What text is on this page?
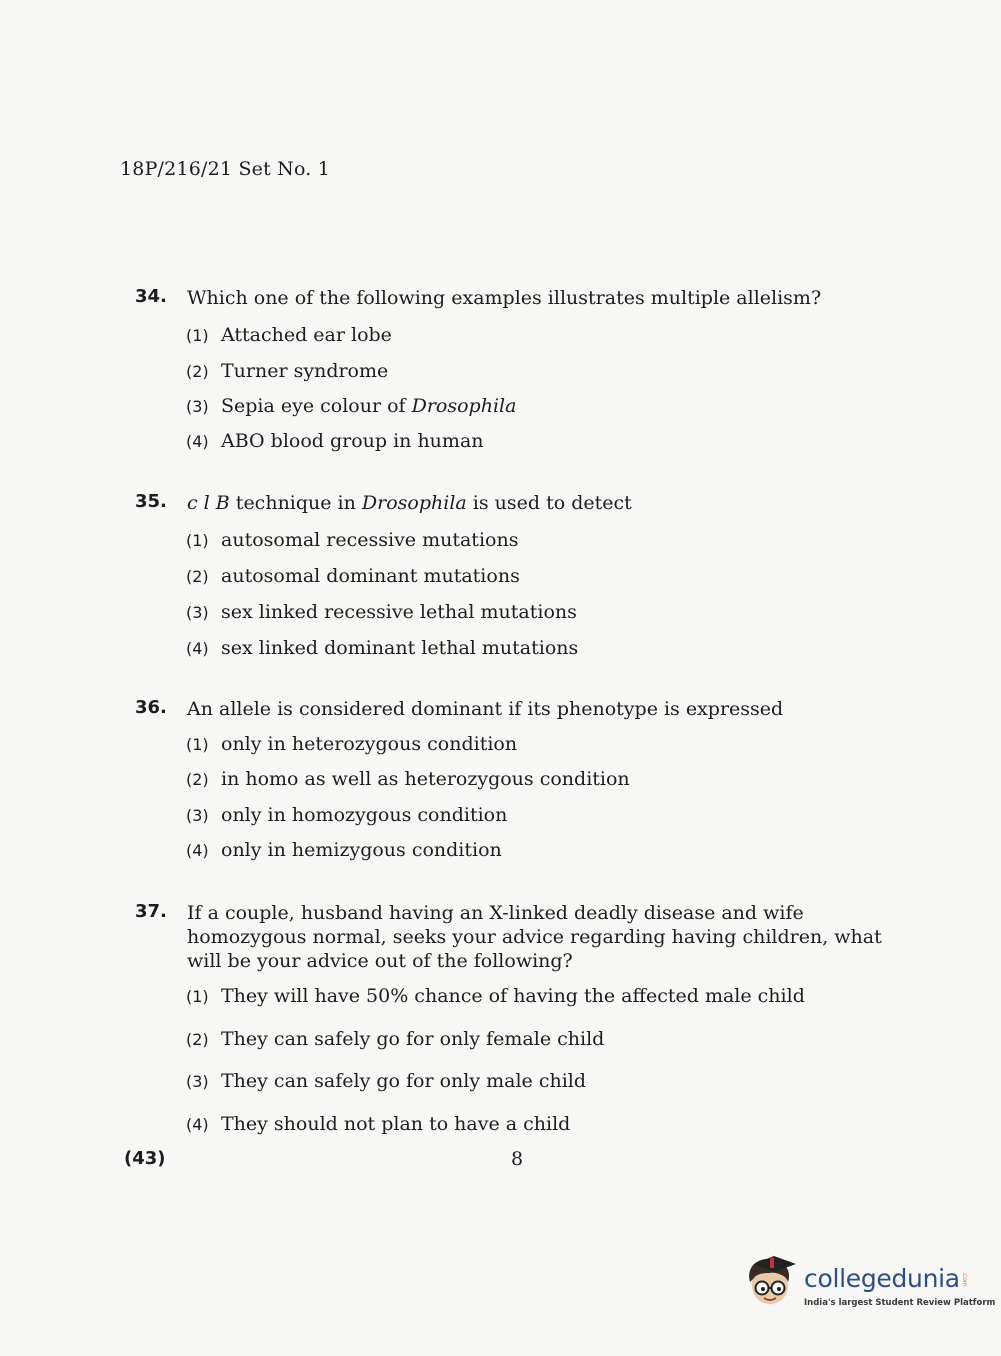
18P/216/21 Set No. 1
34. Which one of the following examples illustrates multiple allelism?
(1) Attached ear lobe
(2) Turner syndrome
(3) Sepia eye colour of Drosophila
(4) ABO blood group in human
35. c l B technique in Drosophila is used to detect
(1) autosomal recessive mutations
(2) autosomal dominant mutations
(3) sex linked recessive lethal mutations
(4) sex linked dominant lethal mutations
36. An allele is considered dominant if its phenotype is expressed
(1) only in heterozygous condition
(2) in homo as well as heterozygous condition
(3) only in homozygous condition
(4) only in hemizygous condition
37. If a couple, husband having an X-linked deadly disease and wife homozygous normal, seeks your advice regarding having children, what will be your advice out of the following?
(1) They will have 50% chance of having the affected male child
(2) They can safely go for only female child
(3) They can safely go for only male child
(4) They should not plan to have a child
(43)	8
collegedunia .com
India's largest Student Review Platform
